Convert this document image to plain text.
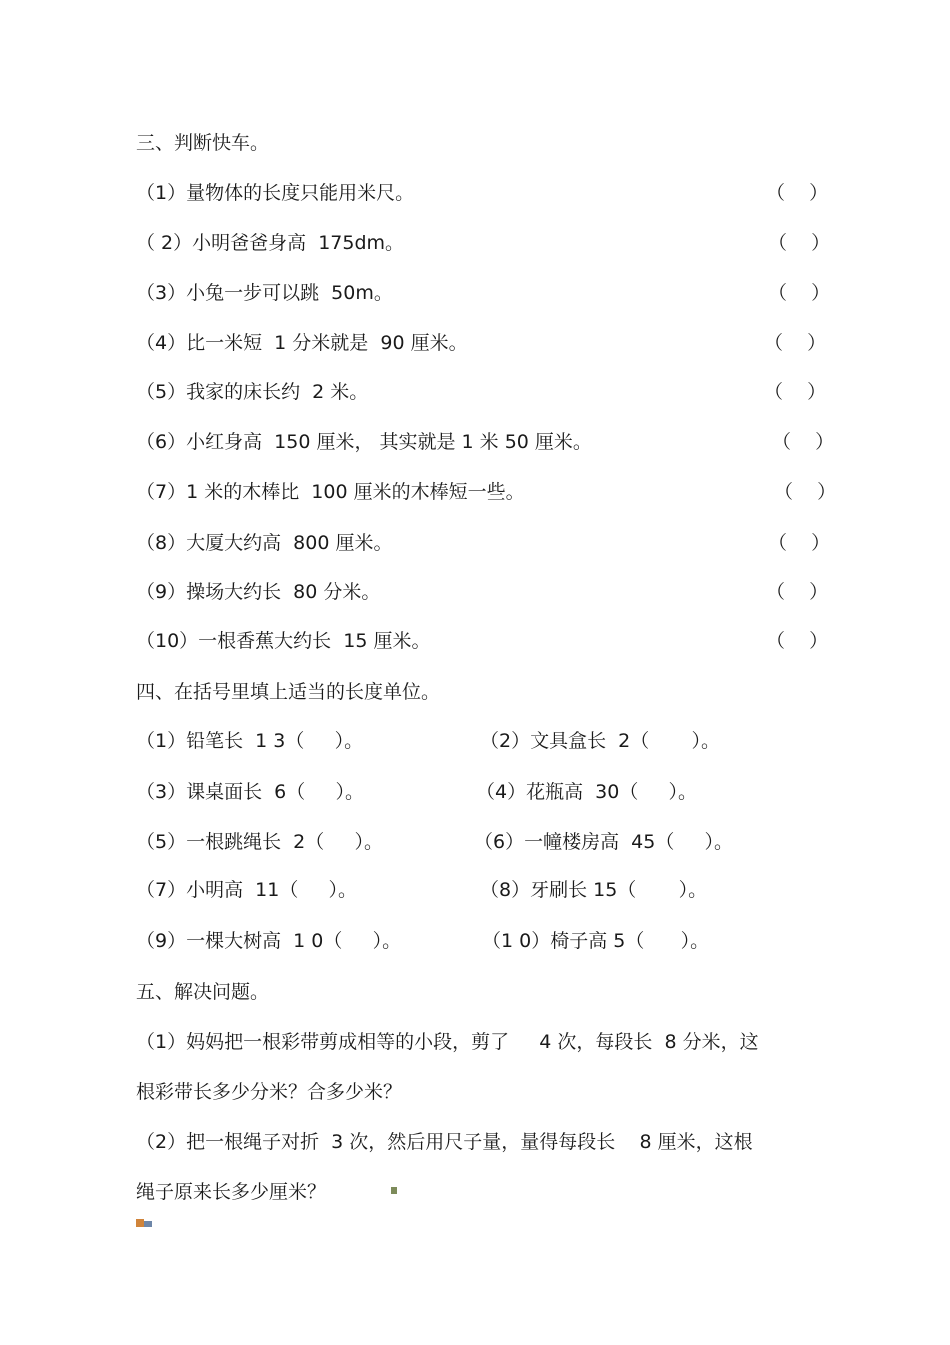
三、判断快车。
（1）量物体的长度只能用米尺。	（    ）
（ 2）小明爸爸身高  175dm。	（    ）
（3）小兔一步可以跳  50m。	（    ）
（4）比一米短  1 分米就是  90 厘米。	（    ）
（5）我家的床长约  2 米。	（    ）
（6）小红身高  150 厘米， 其实就是 1 米 50 厘米。	（    ）
（7）1 米的木棒比  100 厘米的木棒短一些。	（    ）
（8）大厦大约高  800 厘米。	（    ）
（9）操场大约长  80 分米。	（    ）
（10）一根香蕉大约长  15 厘米。	（    ）
四、在括号里填上适当的长度单位。
（1）铅笔长  1 3（     ）。	（2）文具盒长  2（       ）。
（3）课桌面长  6（     ）。	（4）花瓶高  30（     ）。
（5）一根跳绳长  2（     ）。	（6）一幢楼房高  45（     ）。
（7）小明高  11（     ）。	（8）牙刷长 15（       ）。
（9）一棵大树高  1 0（     ）。	（1 0）椅子高 5（      ）。
五、解决问题。
（1）妈妈把一根彩带剪成相等的小段，剪了     4 次，每段长  8 分米，这
根彩带长多少分米？合多少米？
（2）把一根绳子对折  3 次，然后用尺子量，量得每段长    8 厘米，这根
绳子原来长多少厘米？
